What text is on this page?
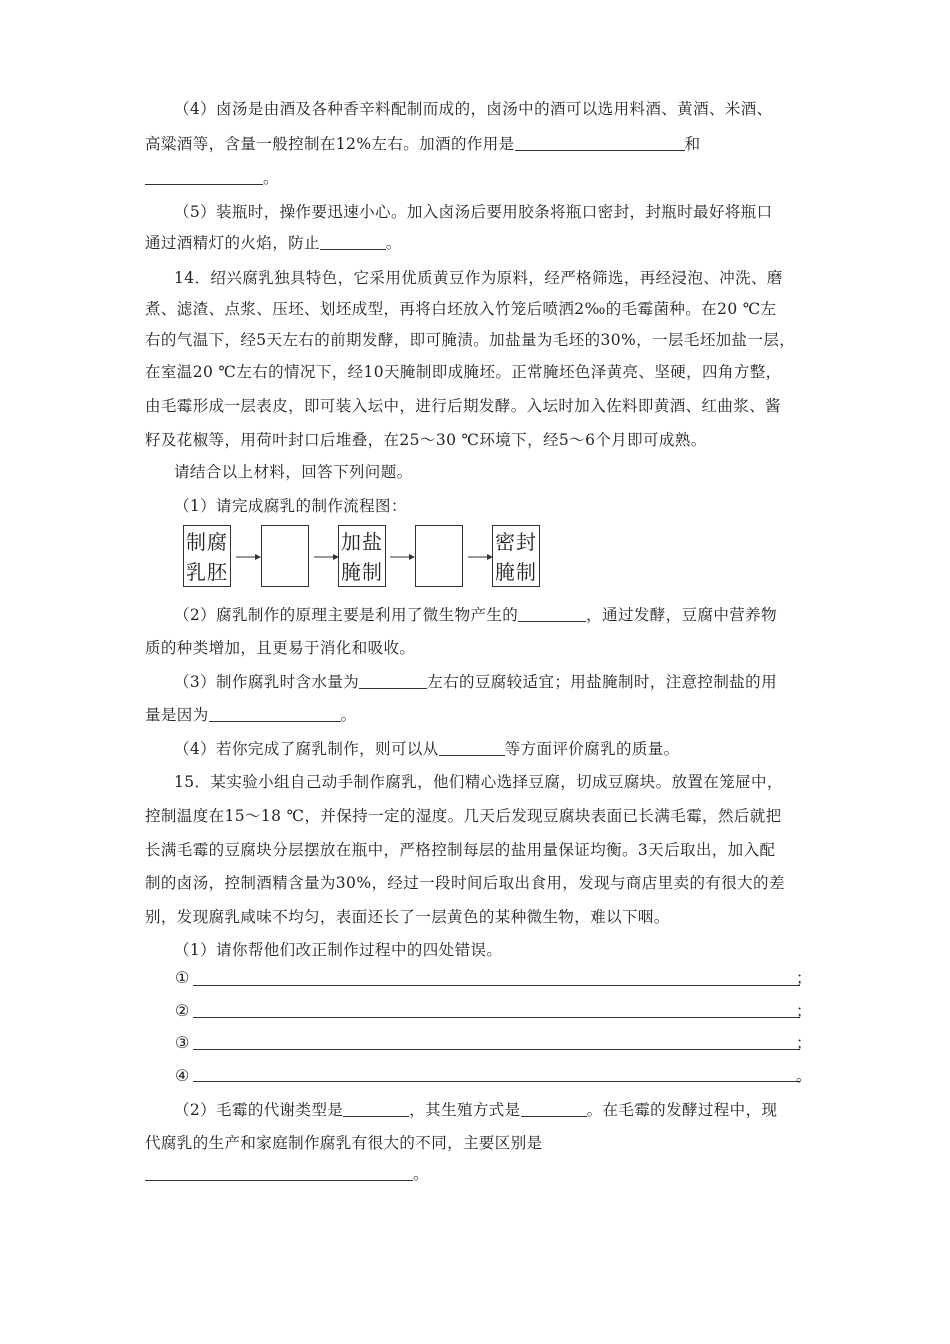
（4）卤汤是由酒及各种香辛料配制而成的，卤汤中的酒可以选用料酒、黄酒、米酒、
高粱酒等，含量一般控制在12%左右。加酒的作用是	和
。
（5）装瓶时，操作要迅速小心。加入卤汤后要用胶条将瓶口密封，封瓶时最好将瓶口
通过酒精灯的火焰，防止	。
14．绍兴腐乳独具特色，它采用优质黄豆作为原料，经严格筛选，再经浸泡、冲洗、磨
煮、滤渣、点浆、压坯、划坯成型，再将白坯放入竹笼后喷洒2‰的毛霉菌种。在20 ℃左
右的气温下，经5天左右的前期发酵，即可腌渍。加盐量为毛坯的30%，一层毛坯加盐一层，
在室温20 ℃左右的情况下，经10天腌制即成腌坯。正常腌坯色泽黄亮、坚硬，四角方整，
由毛霉形成一层表皮，即可装入坛中，进行后期发酵。入坛时加入佐料即黄酒、红曲浆、酱
籽及花椒等，用荷叶封口后堆叠，在25～30 ℃环境下，经5～6个月即可成熟。
请结合以上材料，回答下列问题。
（1）请完成腐乳的制作流程图：
制腐
乳胚
加盐
腌制
密封
腌制
（2）腐乳制作的原理主要是利用了微生物产生的	，通过发酵，豆腐中营养物
质的种类增加，且更易于消化和吸收。
（3）制作腐乳时含水量为	左右的豆腐较适宜；用盐腌制时，注意控制盐的用
量是因为	。
（4）若你完成了腐乳制作，则可以从	等方面评价腐乳的质量。
15．某实验小组自己动手制作腐乳，他们精心选择豆腐，切成豆腐块。放置在笼屉中，
控制温度在15～18 ℃，并保持一定的湿度。几天后发现豆腐块表面已长满毛霉，然后就把
长满毛霉的豆腐块分层摆放在瓶中，严格控制每层的盐用量保证均衡。3天后取出，加入配
制的卤汤，控制酒精含量为30%，经过一段时间后取出食用，发现与商店里卖的有很大的差
别，发现腐乳咸味不均匀，表面还长了一层黄色的某种微生物，难以下咽。
（1）请你帮他们改正制作过程中的四处错误。
①	；
②	；
③	；
④	。
（2）毛霉的代谢类型是	，其生殖方式是	。在毛霉的发酵过程中，现
代腐乳的生产和家庭制作腐乳有很大的不同，主要区别是
。
